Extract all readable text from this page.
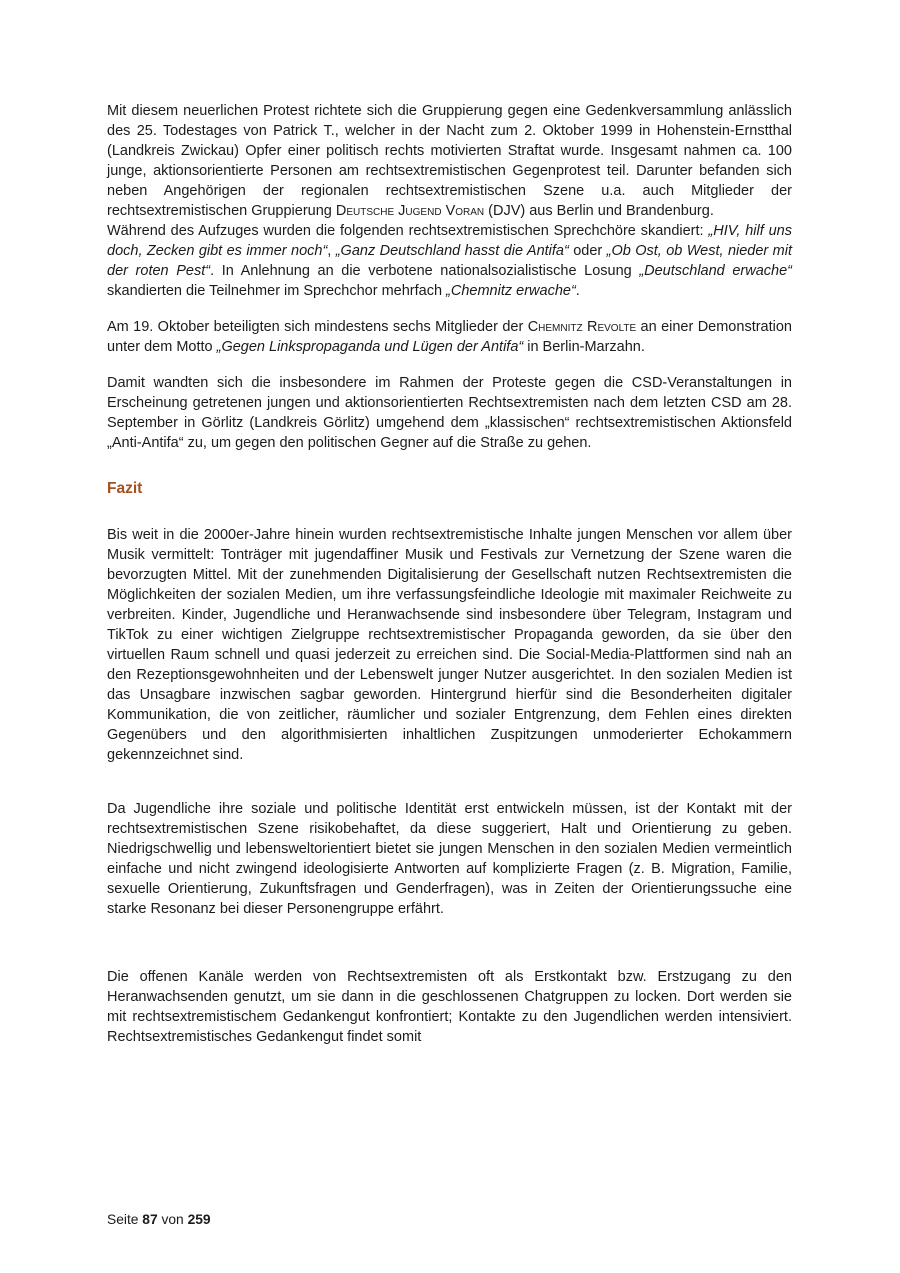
Mit diesem neuerlichen Protest richtete sich die Gruppierung gegen eine Gedenkversammlung anlässlich des 25. Todestages von Patrick T., welcher in der Nacht zum 2. Oktober 1999 in Hohenstein-Ernstthal (Landkreis Zwickau) Opfer einer politisch rechts motivierten Straftat wurde. Insgesamt nahmen ca. 100 junge, aktionsorientierte Personen am rechtsextremistischen Gegenprotest teil. Darunter befanden sich neben Angehörigen der regionalen rechtsextremistischen Szene u.a. auch Mitglieder der rechtsextremistischen Gruppierung Deutsche Jugend Voran (DJV) aus Berlin und Brandenburg.

Während des Aufzuges wurden die folgenden rechtsextremistischen Sprechchöre skandiert: „HIV, hilf uns doch, Zecken gibt es immer noch“, „Ganz Deutschland hasst die Antifa“ oder „Ob Ost, ob West, nieder mit der roten Pest“. In Anlehnung an die verbotene nationalsozialistische Losung „Deutschland erwache“ skandierten die Teilnehmer im Sprechchor mehrfach „Chemnitz erwache“.

Am 19. Oktober beteiligten sich mindestens sechs Mitglieder der Chemnitz Revolte an einer Demonstration unter dem Motto „Gegen Linkspropaganda und Lügen der Antifa“ in Berlin-Marzahn.

Damit wandten sich die insbesondere im Rahmen der Proteste gegen die CSD-Veranstaltungen in Erscheinung getretenen jungen und aktionsorientierten Rechtsextremisten nach dem letzten CSD am 28. September in Görlitz (Landkreis Görlitz) umgehend dem „klassischen“ rechtsextremistischen Aktionsfeld „Anti-Antifa“ zu, um gegen den politischen Gegner auf die Straße zu gehen.

Fazit

Bis weit in die 2000er-Jahre hinein wurden rechtsextremistische Inhalte jungen Menschen vor allem über Musik vermittelt: Tonträger mit jugendaffiner Musik und Festivals zur Vernetzung der Szene waren die bevorzugten Mittel. Mit der zunehmenden Digitalisierung der Gesellschaft nutzen Rechtsextremisten die Möglichkeiten der sozialen Medien, um ihre verfassungsfeindliche Ideologie mit maximaler Reichweite zu verbreiten. Kinder, Jugendliche und Heranwachsende sind insbesondere über Telegram, Instagram und TikTok zu einer wichtigen Zielgruppe rechtsextremistischer Propaganda geworden, da sie über den virtuellen Raum schnell und quasi jederzeit zu erreichen sind. Die Social-Media-Plattformen sind nah an den Rezeptionsgewohnheiten und der Lebenswelt junger Nutzer ausgerichtet. In den sozialen Medien ist das Unsagbare inzwischen sagbar geworden. Hintergrund hierfür sind die Besonderheiten digitaler Kommunikation, die von zeitlicher, räumlicher und sozialer Entgrenzung, dem Fehlen eines direkten Gegenübers und den algorithmisierten inhaltlichen Zuspitzungen unmoderierter Echokammern gekennzeichnet sind.

Da Jugendliche ihre soziale und politische Identität erst entwickeln müssen, ist der Kontakt mit der rechtsextremistischen Szene risikobehaftet, da diese suggeriert, Halt und Orientierung zu geben. Niedrigschwellig und lebensweltorientiert bietet sie jungen Menschen in den sozialen Medien vermeintlich einfache und nicht zwingend ideologisierte Antworten auf komplizierte Fragen (z. B. Migration, Familie, sexuelle Orientierung, Zukunftsfragen und Genderfragen), was in Zeiten der Orientierungssuche eine starke Resonanz bei dieser Personengruppe erfährt.

Die offenen Kanäle werden von Rechtsextremisten oft als Erstkontakt bzw. Erstzugang zu den Heranwachsenden genutzt, um sie dann in die geschlossenen Chatgruppen zu locken. Dort werden sie mit rechtsextremistischem Gedankengut konfrontiert; Kontakte zu den Jugendlichen werden intensiviert. Rechtsextremistisches Gedankengut findet somit

Seite 87 von 259
